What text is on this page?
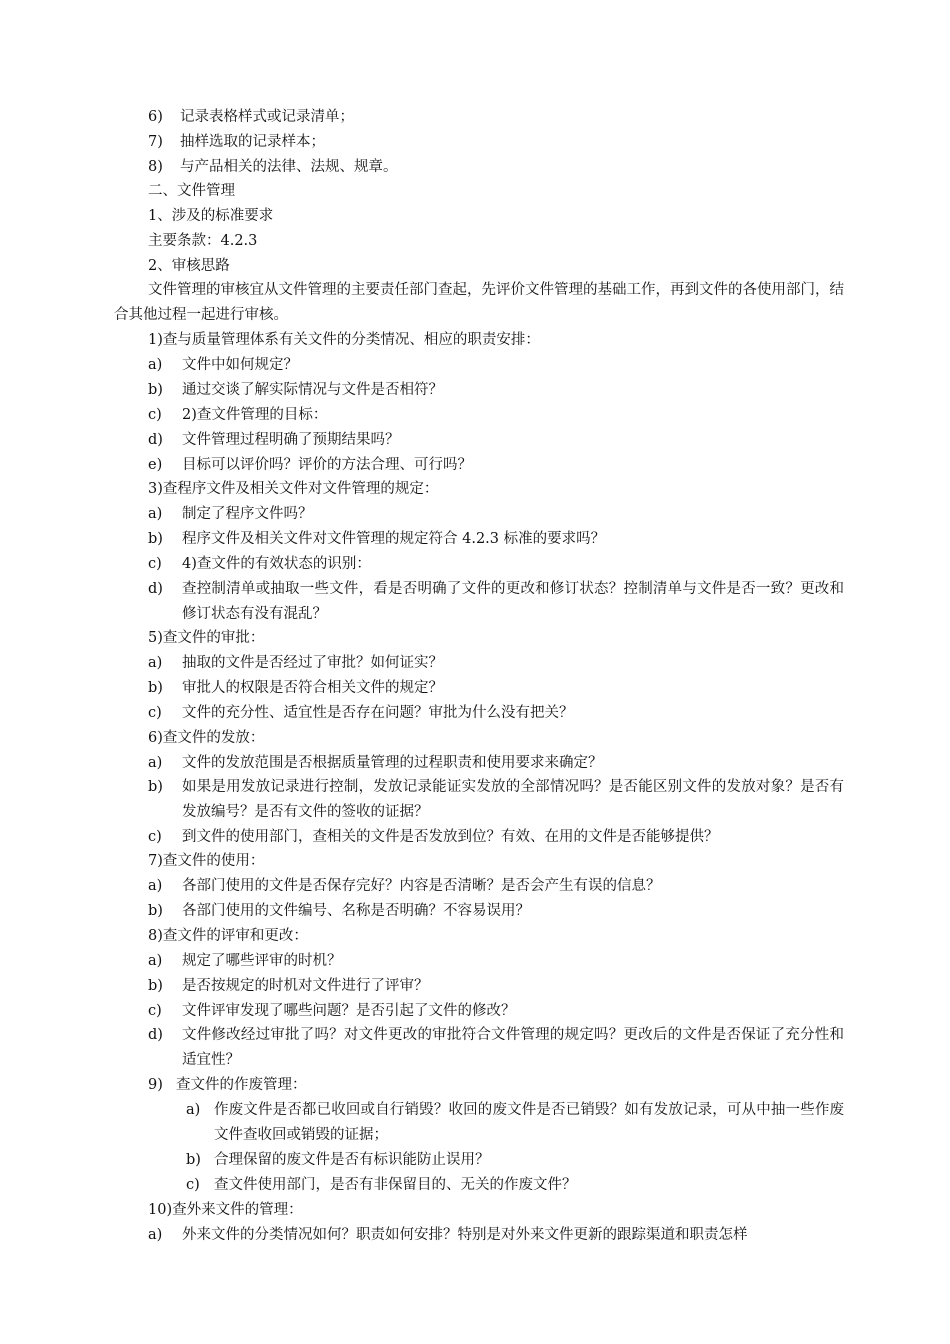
6) 记录表格样式或记录清单；
7) 抽样选取的记录样本；
8) 与产品相关的法律、法规、规章。
二、文件管理
1、涉及的标准要求
主要条款：4.2.3
2、审核思路
文件管理的审核宜从文件管理的主要责任部门查起，先评价文件管理的基础工作，再到文件的各使用部门，结合其他过程一起进行审核。
1)查与质量管理体系有关文件的分类情况、相应的职责安排：
a) 文件中如何规定？
b) 通过交谈了解实际情况与文件是否相符？
c) 2)查文件管理的目标：
d) 文件管理过程明确了预期结果吗？
e) 目标可以评价吗？评价的方法合理、可行吗？
3)查程序文件及相关文件对文件管理的规定：
a) 制定了程序文件吗？
b) 程序文件及相关文件对文件管理的规定符合 4.2.3 标准的要求吗？
c) 4)查文件的有效状态的识别：
d) 查控制清单或抽取一些文件，看是否明确了文件的更改和修订状态？控制清单与文件是否一致？更改和修订状态有没有混乱？
5)查文件的审批：
a) 抽取的文件是否经过了审批？如何证实？
b) 审批人的权限是否符合相关文件的规定？
c) 文件的充分性、适宜性是否存在问题？审批为什么没有把关？
6)查文件的发放：
a) 文件的发放范围是否根据质量管理的过程职责和使用要求来确定？
b) 如果是用发放记录进行控制，发放记录能证实发放的全部情况吗？是否能区别文件的发放对象？是否有发放编号？是否有文件的签收的证据？
c) 到文件的使用部门，查相关的文件是否发放到位？有效、在用的文件是否能够提供？
7)查文件的使用：
a) 各部门使用的文件是否保存完好？内容是否清晰？是否会产生有误的信息？
b) 各部门使用的文件编号、名称是否明确？不容易误用？
8)查文件的评审和更改：
a) 规定了哪些评审的时机？
b) 是否按规定的时机对文件进行了评审？
c) 文件评审发现了哪些问题？是否引起了文件的修改？
d) 文件修改经过审批了吗？对文件更改的审批符合文件管理的规定吗？更改后的文件是否保证了充分性和适宜性？
9) 查文件的作废管理：
a) 作废文件是否都已收回或自行销毁？收回的废文件是否已销毁？如有发放记录，可从中抽一些作废文件查收回或销毁的证据；
b) 合理保留的废文件是否有标识能防止误用？
c) 查文件使用部门，是否有非保留目的、无关的作废文件？
10)查外来文件的管理：
a) 外来文件的分类情况如何？职责如何安排？特别是对外来文件更新的跟踪渠道和职责怎样
